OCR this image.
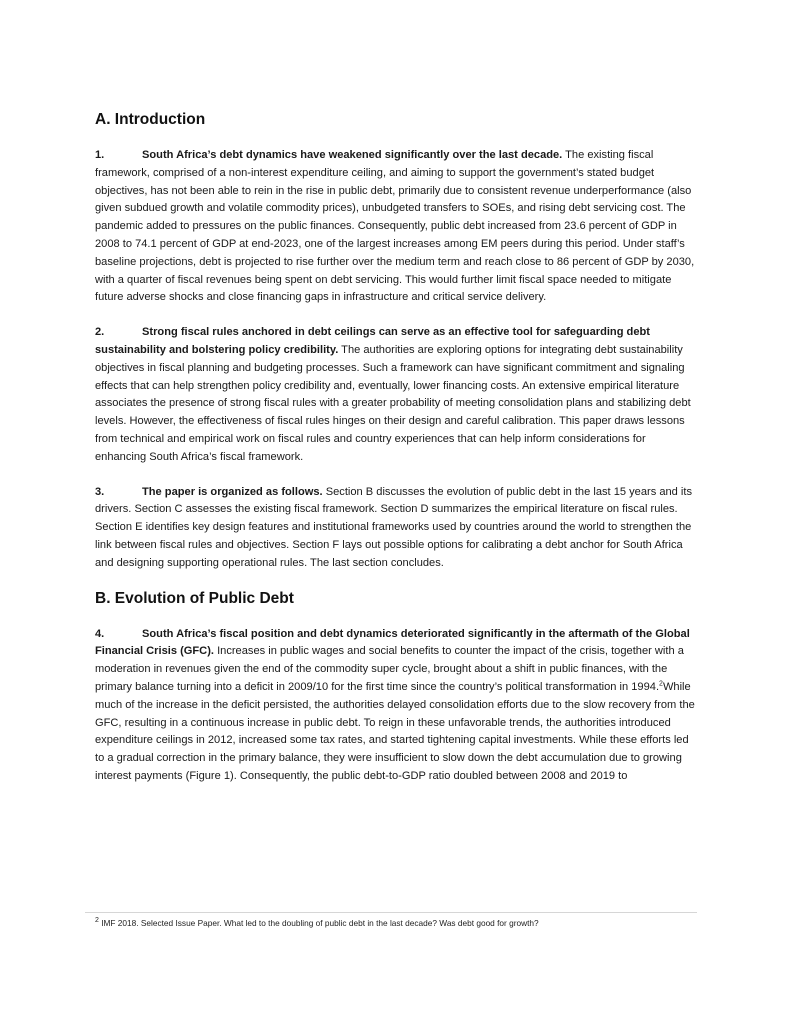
A. Introduction

1.	South Africa’s debt dynamics have weakened significantly over the last decade. The existing fiscal framework, comprised of a non-interest expenditure ceiling, and aiming to support the government’s stated budget objectives, has not been able to rein in the rise in public debt, primarily due to consistent revenue underperformance (also given subdued growth and volatile commodity prices), unbudgeted transfers to SOEs, and rising debt servicing cost. The pandemic added to pressures on the public finances. Consequently, public debt increased from 23.6 percent of GDP in 2008 to 74.1 percent of GDP at end-2023, one of the largest increases among EM peers during this period. Under staff’s baseline projections, debt is projected to rise further over the medium term and reach close to 86 percent of GDP by 2030, with a quarter of fiscal revenues being spent on debt servicing. This would further limit fiscal space needed to mitigate future adverse shocks and close financing gaps in infrastructure and critical service delivery.

2.	Strong fiscal rules anchored in debt ceilings can serve as an effective tool for safeguarding debt sustainability and bolstering policy credibility. The authorities are exploring options for integrating debt sustainability objectives in fiscal planning and budgeting processes. Such a framework can have significant commitment and signaling effects that can help strengthen policy credibility and, eventually, lower financing costs. An extensive empirical literature associates the presence of strong fiscal rules with a greater probability of meeting consolidation plans and stabilizing debt levels. However, the effectiveness of fiscal rules hinges on their design and careful calibration. This paper draws lessons from technical and empirical work on fiscal rules and country experiences that can help inform considerations for enhancing South Africa’s fiscal framework.

3.	The paper is organized as follows. Section B discusses the evolution of public debt in the last 15 years and its drivers. Section C assesses the existing fiscal framework. Section D summarizes the empirical literature on fiscal rules. Section E identifies key design features and institutional frameworks used by countries around the world to strengthen the link between fiscal rules and objectives. Section F lays out possible options for calibrating a debt anchor for South Africa and designing supporting operational rules. The last section concludes.

B. Evolution of Public Debt

4.	South Africa’s fiscal position and debt dynamics deteriorated significantly in the aftermath of the Global Financial Crisis (GFC). Increases in public wages and social benefits to counter the impact of the crisis, together with a moderation in revenues given the end of the commodity super cycle, brought about a shift in public finances, with the primary balance turning into a deficit in 2009/10 for the first time since the country’s political transformation in 1994.$^2$While much of the increase in the deficit persisted, the authorities delayed consolidation efforts due to the slow recovery from the GFC, resulting in a continuous increase in public debt. To reign in these unfavorable trends, the authorities introduced expenditure ceilings in 2012, increased some tax rates, and started tightening capital investments. While these efforts led to a gradual correction in the primary balance, they were insufficient to slow down the debt accumulation due to growing interest payments (Figure 1). Consequently, the public debt-to-GDP ratio doubled between 2008 and 2019 to

$^2$ IMF 2018. Selected Issue Paper. What led to the doubling of public debt in the last decade? Was debt good for growth?
